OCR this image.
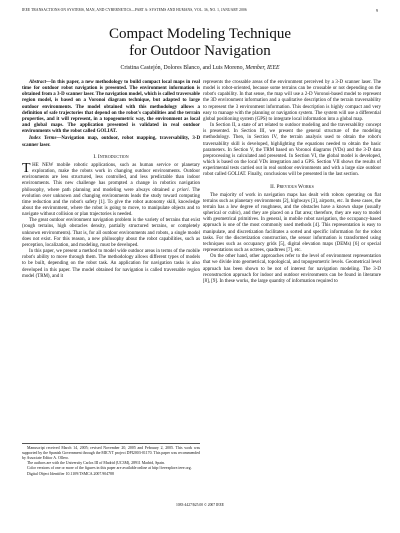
IEEE TRANSACTIONS ON SYSTEMS, MAN, AND CYBERNETICS—PART A: SYSTEMS AND HUMANS, VOL. 36, NO. 1, JANUARY 2006	9
Compact Modeling Technique
for Outdoor Navigation
Cristina Castejón, Dolores Blanco, and Luis Moreno, Member, IEEE

Abstract—In this paper, a new methodology to build compact local maps in real time for outdoor robot navigation is presented. The environment information is obtained from a 3-D scanner laser. The navigation model, which is called traversable region model, is based on a Voronoi diagram technique, but adapted to large outdoor environments. The model obtained with this methodology allows a definition of safe trajectories that depend on the robot's capabilities and the terrain properties, and it will represent, in a topogeometric way, the environment as local and global maps. The application presented is validated in real outdoor environments with the robot called GOLIAT.

Index Terms—Navigation map, outdoor, robot mapping, traversability, 3-D scanner laser.

I. Introduction

THE NEW mobile robotic applications, such as human service or planetary exploration, make the robots work in changing outdoor environments. Outdoor environments are less structured, less controlled, and less predictable than indoor environments. This new challenge has prompted a change in robotics navigation philosophy, where path planning and modeling were always obtained a priori. The evolution over unknown and changing environments leads the study toward computing time reduction and the robot's safety [1]. To give the robot autonomy skill, knowledge about the environment, where the robot is going to move, to manipulate objects and to navigate without collision or plan trajectories is needed.

The great outdoor environment navigation problem is the variety of terrains that exist (rough terrains, high obstacles density, partially structured terrains, or completely unknown environments). That is, for all outdoor environments and robots, a single model does not exist. For this reason, a new philosophy about the robot capabilities, such as perception, localization, and modeling, must be developed.

In this paper, we present a method to model wide outdoor areas in terms of the mobile robot's ability to move through them. The methodology allows different types of models to be built, depending on the robot task. An application for navigation tasks is also developed in this paper. The model obtained for navigation is called traversable region model (TRM), and it

Manuscript received March 14, 2005; revised November 20, 2005 and February 2, 2005. This work was supported by the Spanish Government through the MICYT project DPI2003-01170. This paper was recommended by Associate Editor A. Ollero.

The authors are with the University Carlos III of Madrid (UC3M), 28911 Madrid, Spain.

Color versions of one or more of the figures in this paper are available online at http://ieeexplore.ieee.org.

Digital Object Identifier 10.1109/TSMCA.2007.904788

represents the crossable areas of the environment perceived by a 3-D scanner laser. The model is robot-oriented, because some terrains can be crossable or not depending on the robot's capability. In that sense, the map will use a 2-D Voronoi-based model to represent the 3D environment information and a qualitative description of the terrain traversability to represent the 3 environment information. This description is highly compact and very easy to manage with the planning or navigation system. The system will use a differential global positioning system (GPS) to integrate local information into a global map.

In Section II, a state of art related to outdoor modeling and the traversability concept is presented. In Section III, we present the general structure of the modeling methodology. Then, in Section IV, the terrain analysis used to obtain the robot's traversability skill is developed, highlighting the equations needed to obtain the basic parameters. In Section V, the TRM based on Voronoi diagrams (VDs) and the 3-D data preprocessing is calculated and presented. In Section VI, the global model is developed, which is based on the local VDs integration and a GPS. Section VII shows the results of experimental tests carried out in real outdoor environments and with a large size outdoor robot called GOLIAT. Finally, conclusions will be presented in the last section.

II. Previous Works

The majority of work in navigation maps has dealt with robots operating on flat terrains such as planetary environments [2], highways [3], airports, etc. In these cases, the terrain has a low degree of roughness, and the obstacles have a known shape (usually spherical or cubic), and they are placed on a flat area; therefore, they are easy to model with geometrical primitives. In general, in mobile robot navigation, the occupancy-based approach is one of the most commonly used methods [4]. This representation is easy to manipulate, and discretization facilitates a sorted and specific information for the robot tasks. For the discretization construction, the sensor information is transformed using techniques such as occupancy grids [5], digital elevation maps (DEMs) [6] or special representations such as octrees, quadtrees [7], etc.

On the other hand, other approaches refer to the level of environment representation that we divide into geometrical, topological, and topogeometric levels. Geometrical level approach has been shown to be not of interest for navigation modeling. The 3-D reconstruction approach for indoor and outdoor environments can be found in literature [8], [9]. In these works, the large quantity of information required to

1083-4427/$25.00 © 2007 IEEE
